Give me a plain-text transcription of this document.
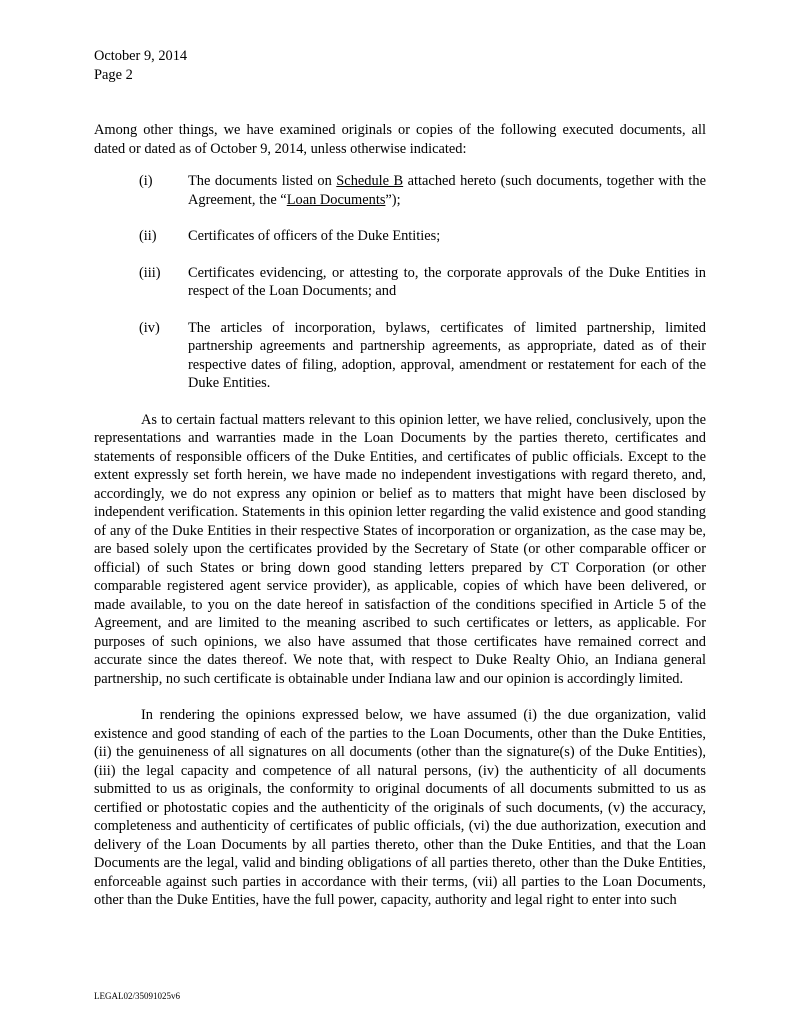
October 9, 2014
Page 2

Among other things, we have examined originals or copies of the following executed documents, all dated or dated as of October 9, 2014, unless otherwise indicated:

(i) The documents listed on Schedule B attached hereto (such documents, together with the Agreement, the “Loan Documents”);
(ii) Certificates of officers of the Duke Entities;
(iii) Certificates evidencing, or attesting to, the corporate approvals of the Duke Entities in respect of the Loan Documents; and
(iv) The articles of incorporation, bylaws, certificates of limited partnership, limited partnership agreements and partnership agreements, as appropriate, dated as of their respective dates of filing, adoption, approval, amendment or restatement for each of the Duke Entities.

As to certain factual matters relevant to this opinion letter, we have relied, conclusively, upon the representations and warranties made in the Loan Documents by the parties thereto, certificates and statements of responsible officers of the Duke Entities, and certificates of public officials. Except to the extent expressly set forth herein, we have made no independent investigations with regard thereto, and, accordingly, we do not express any opinion or belief as to matters that might have been disclosed by independent verification. Statements in this opinion letter regarding the valid existence and good standing of any of the Duke Entities in their respective States of incorporation or organization, as the case may be, are based solely upon the certificates provided by the Secretary of State (or other comparable officer or official) of such States or bring down good standing letters prepared by CT Corporation (or other comparable registered agent service provider), as applicable, copies of which have been delivered, or made available, to you on the date hereof in satisfaction of the conditions specified in Article 5 of the Agreement, and are limited to the meaning ascribed to such certificates or letters, as applicable. For purposes of such opinions, we also have assumed that those certificates have remained correct and accurate since the dates thereof. We note that, with respect to Duke Realty Ohio, an Indiana general partnership, no such certificate is obtainable under Indiana law and our opinion is accordingly limited.

In rendering the opinions expressed below, we have assumed (i) the due organization, valid existence and good standing of each of the parties to the Loan Documents, other than the Duke Entities, (ii) the genuineness of all signatures on all documents (other than the signature(s) of the Duke Entities), (iii) the legal capacity and competence of all natural persons, (iv) the authenticity of all documents submitted to us as originals, the conformity to original documents of all documents submitted to us as certified or photostatic copies and the authenticity of the originals of such documents, (v) the accuracy, completeness and authenticity of certificates of public officials, (vi) the due authorization, execution and delivery of the Loan Documents by all parties thereto, other than the Duke Entities, and that the Loan Documents are the legal, valid and binding obligations of all parties thereto, other than the Duke Entities, enforceable against such parties in accordance with their terms, (vii) all parties to the Loan Documents, other than the Duke Entities, have the full power, capacity, authority and legal right to enter into such

LEGAL02/35091025v6
